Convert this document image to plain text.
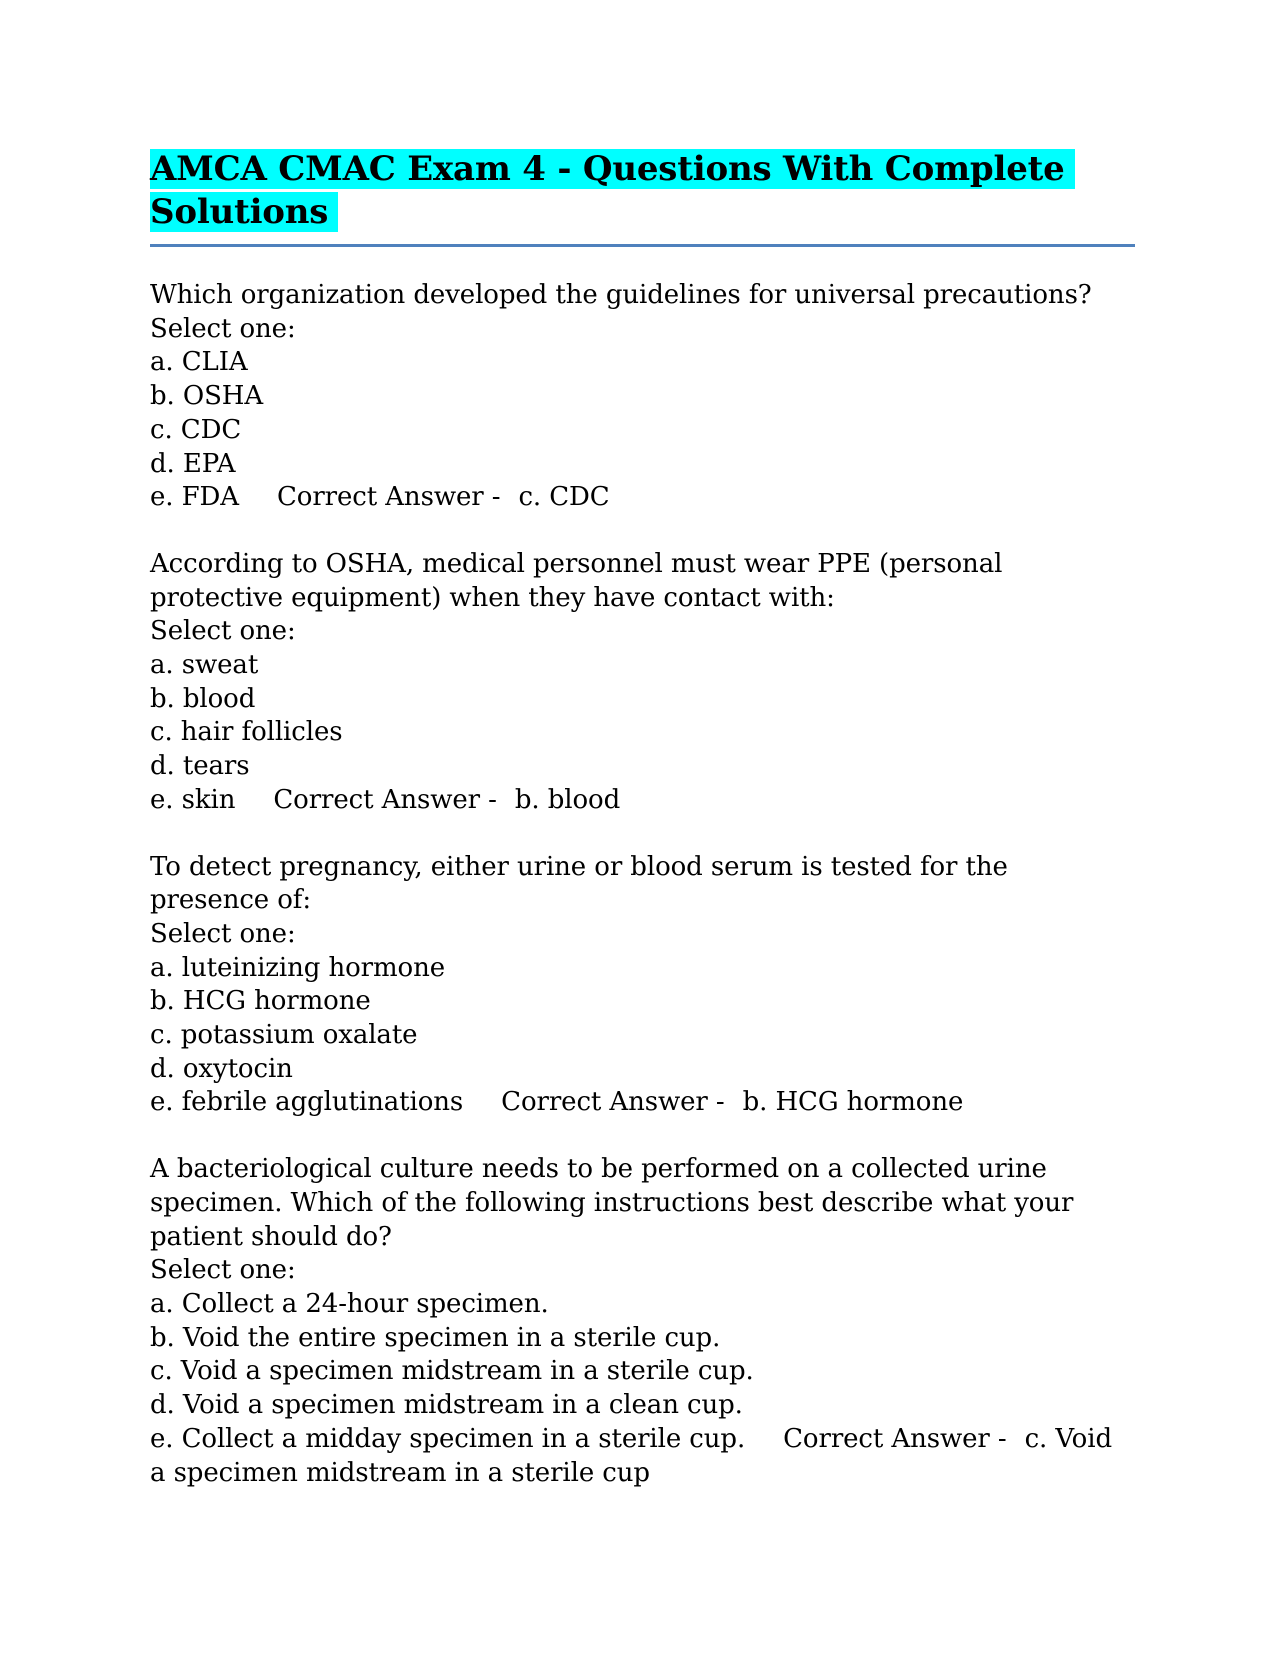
AMCA CMAC Exam 4 - Questions With Complete Solutions
Which organization developed the guidelines for universal precautions?
Select one:
a. CLIA
b. OSHA
c. CDC
d. EPA
e. FDA Correct Answer - c. CDC
According to OSHA, medical personnel must wear PPE (personal protective equipment) when they have contact with:
Select one:
a. sweat
b. blood
c. hair follicles
d. tears
e. skin Correct Answer - b. blood
To detect pregnancy, either urine or blood serum is tested for the presence of:
Select one:
a. luteinizing hormone
b. HCG hormone
c. potassium oxalate
d. oxytocin
e. febrile agglutinations Correct Answer - b. HCG hormone
A bacteriological culture needs to be performed on a collected urine specimen. Which of the following instructions best describe what your patient should do?
Select one:
a. Collect a 24-hour specimen.
b. Void the entire specimen in a sterile cup.
c. Void a specimen midstream in a sterile cup.
d. Void a specimen midstream in a clean cup.
e. Collect a midday specimen in a sterile cup. Correct Answer - c. Void a specimen midstream in a sterile cup
